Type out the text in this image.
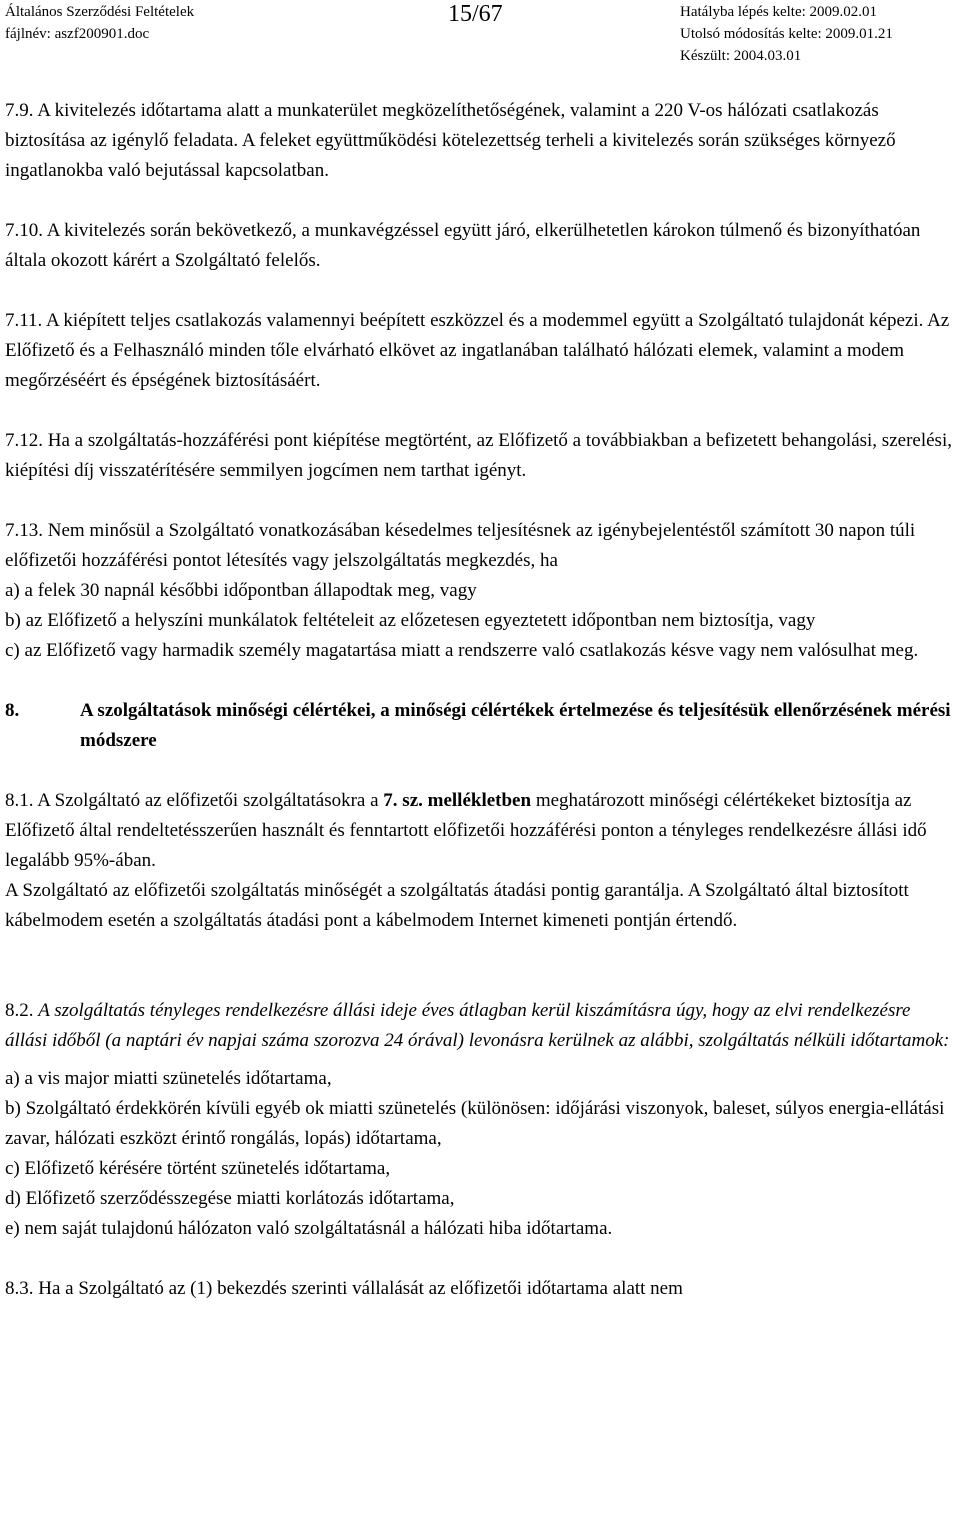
Általános Szerződési Feltételek
fájlnév: aszf200901.doc
15/67	Hatályba lépés kelte: 2009.02.01
Utolsó módosítás kelte: 2009.01.21
Készült: 2004.03.01

7.9. A kivitelezés időtartama alatt a munkaterület megközelíthetőségének, valamint a 220 V-os hálózati csatlakozás biztosítása az igénylő feladata. A feleket együttműködési kötelezettség terheli a kivitelezés során szükséges környező ingatlanokba való bejutással kapcsolatban.

7.10. A kivitelezés során bekövetkező, a munkavégzéssel együtt járó, elkerülhetetlen károkon túlmenő és bizonyíthatóan általa okozott kárért a Szolgáltató felelős.

7.11. A kiépített teljes csatlakozás valamennyi beépített eszközzel és a modemmel együtt a Szolgáltató tulajdonát képezi. Az Előfizető és a Felhasználó minden tőle elvárható elkövet az ingatlanában található hálózati elemek, valamint a modem megőrzéséért és épségének biztosításáért.

7.12. Ha a szolgáltatás-hozzáférési pont kiépítése megtörtént, az Előfizető a továbbiakban a befizetett behangolási, szerelési, kiépítési díj visszatérítésére semmilyen jogcímen nem tarthat igényt.

7.13. Nem minősül a Szolgáltató vonatkozásában késedelmes teljesítésnek az igénybejelentéstől számított 30 napon túli előfizetői hozzáférési pontot létesítés vagy jelszolgáltatás megkezdés, ha

a) a felek 30 napnál későbbi időpontban állapodtak meg, vagy

b) az Előfizető a helyszíni munkálatok feltételeit az előzetesen egyeztetett időpontban nem biztosítja, vagy

c) az Előfizető vagy harmadik személy magatartása miatt a rendszerre való csatlakozás késve vagy nem valósulhat meg.

8.	A szolgáltatások minőségi célértékei, a minőségi célértékek értelmezése és teljesítésük ellenőrzésének mérési módszere

8.1. A Szolgáltató az előfizetői szolgáltatásokra a 7. sz. mellékletben meghatározott minőségi célértékeket biztosítja az Előfizető által rendeltetésszerűen használt és fenntartott előfizetői hozzáférési ponton a tényleges rendelkezésre állási idő legalább 95%-ában.

A Szolgáltató az előfizetői szolgáltatás minőségét a szolgáltatás átadási pontig garantálja. A Szolgáltató által biztosított kábelmodem esetén a szolgáltatás átadási pont a kábelmodem Internet kimeneti pontján értendő.

8.2. A szolgáltatás tényleges rendelkezésre állási ideje éves átlagban kerül kiszámításra úgy, hogy az elvi rendelkezésre állási időből (a naptári év napjai száma szorozva 24 órával) levonásra kerülnek az alábbi, szolgáltatás nélküli időtartamok:

a) a vis major miatti szünetelés időtartama,

b) Szolgáltató érdekkörén kívüli egyéb ok miatti szünetelés (különösen: időjárási viszonyok, baleset, súlyos energia-ellátási zavar, hálózati eszközt érintő rongálás, lopás) időtartama,

c) Előfizető kérésére történt szünetelés időtartama,

d) Előfizető szerződésszegése miatti korlátozás időtartama,

e) nem saját tulajdonú hálózaton való szolgáltatásnál a hálózati hiba időtartama.

8.3. Ha a Szolgáltató az (1) bekezdés szerinti vállalását az előfizetői időtartama alatt nem
